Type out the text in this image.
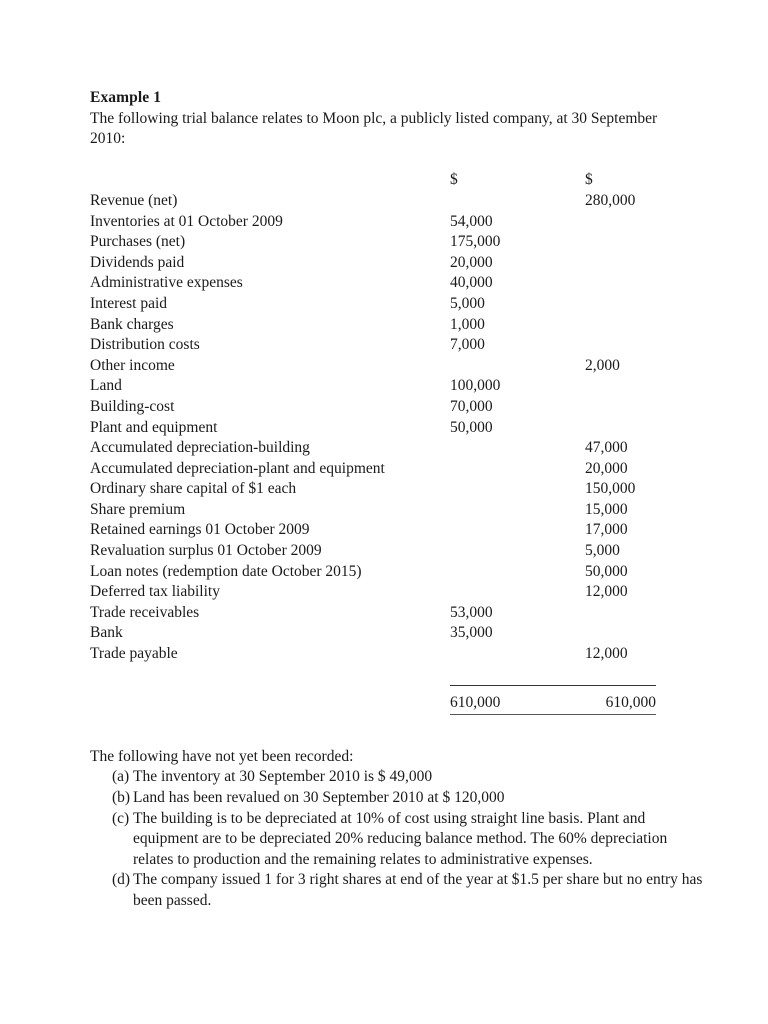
Example 1

The following trial balance relates to Moon plc, a publicly listed company, at 30 September 2010:

	$	$
Revenue (net)		280,000
Inventories at 01 October 2009	54,000	
Purchases (net)	175,000	
Dividends paid	20,000	
Administrative expenses	40,000	
Interest paid	5,000	
Bank charges	1,000	
Distribution costs	7,000	
Other income		2,000
Land	100,000	
Building-cost	70,000	
Plant and equipment	50,000	
Accumulated depreciation-building		47,000
Accumulated depreciation-plant and equipment		20,000
Ordinary share capital of $1 each		150,000
Share premium		15,000
Retained earnings 01 October 2009		17,000
Revaluation surplus 01 October 2009		5,000
Loan notes (redemption date October 2015)		50,000
Deferred tax liability		12,000
Trade receivables	53,000	
Bank	35,000	
Trade payable		12,000

	610,000	610,000

The following have not yet been recorded:

(a) The inventory at 30 September 2010 is $ 49,000

(b) Land has been revalued on 30 September 2010 at $ 120,000

(c) The building is to be depreciated at 10% of cost using straight line basis. Plant and equipment are to be depreciated 20% reducing balance method. The 60% depreciation relates to production and the remaining relates to administrative expenses.

(d) The company issued 1 for 3 right shares at end of the year at $1.5 per share but no entry has been passed.
